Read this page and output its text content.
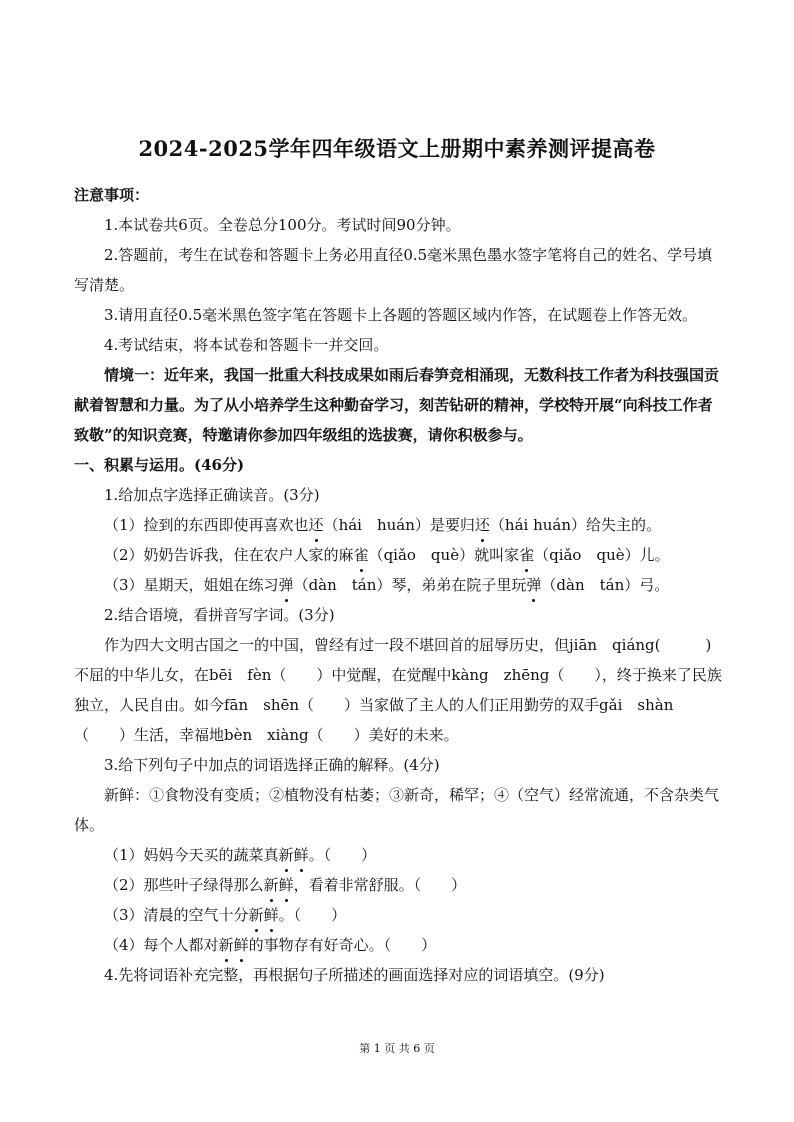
2024-2025学年四年级语文上册期中素养测评提高卷

注意事项：

1.本试卷共6页。全卷总分100分。考试时间90分钟。

2.答题前，考生在试卷和答题卡上务必用直径0.5毫米黑色墨水签字笔将自己的姓名、学号填写清楚。

3.请用直径0.5毫米黑色签字笔在答题卡上各题的答题区域内作答，在试题卷上作答无效。

4.考试结束，将本试卷和答题卡一并交回。

情境一：近年来，我国一批重大科技成果如雨后春笋竞相涌现，无数科技工作者为科技强国贡献着智慧和力量。为了从小培养学生这种勤奋学习，刻苦钻研的精神，学校特开展“向科技工作者致敬”的知识竞赛，特邀请你参加四年级组的选拔赛，请你积极参与。

一、积累与运用。(46分)

1.给加点字选择正确读音。(3分)

（1）捡到的东西即使再喜欢也还（hái　huán）是要归还（hái huán）给失主的。

（2）奶奶告诉我，住在农户人家的麻雀（qiǎo　què）就叫家雀（qiǎo　què）儿。

（3）星期天，姐姐在练习弹（dàn　tán）琴，弟弟在院子里玩弹（dàn　tán）弓。

2.结合语境，看拼音写字词。(3分)

作为四大文明古国之一的中国，曾经有过一段不堪回首的屈辱历史，但jiān　qiáng(　　　)不屈的中华儿女，在bēi　fèn（　　）中觉醒，在觉醒中kàng　zhēng（　　），终于换来了民族独立，人民自由。如今fān　shēn（　　）当家做了主人的人们正用勤劳的双手gǎi　shàn（　　）生活，幸福地bèn　xiàng（　　）美好的未来。

3.给下列句子中加点的词语选择正确的解释。(4分)

新鲜：①食物没有变质；②植物没有枯萎；③新奇，稀罕；④（空气）经常流通，不含杂类气体。

（1）妈妈今天买的蔬菜真新鲜。（　　）

（2）那些叶子绿得那么新鲜，看着非常舒服。（　　）

（3）清晨的空气十分新鲜。（　　）

（4）每个人都对新鲜的事物存有好奇心。（　　）

4.先将词语补充完整，再根据句子所描述的画面选择对应的词语填空。(9分)

第 1 页 共 6 页
